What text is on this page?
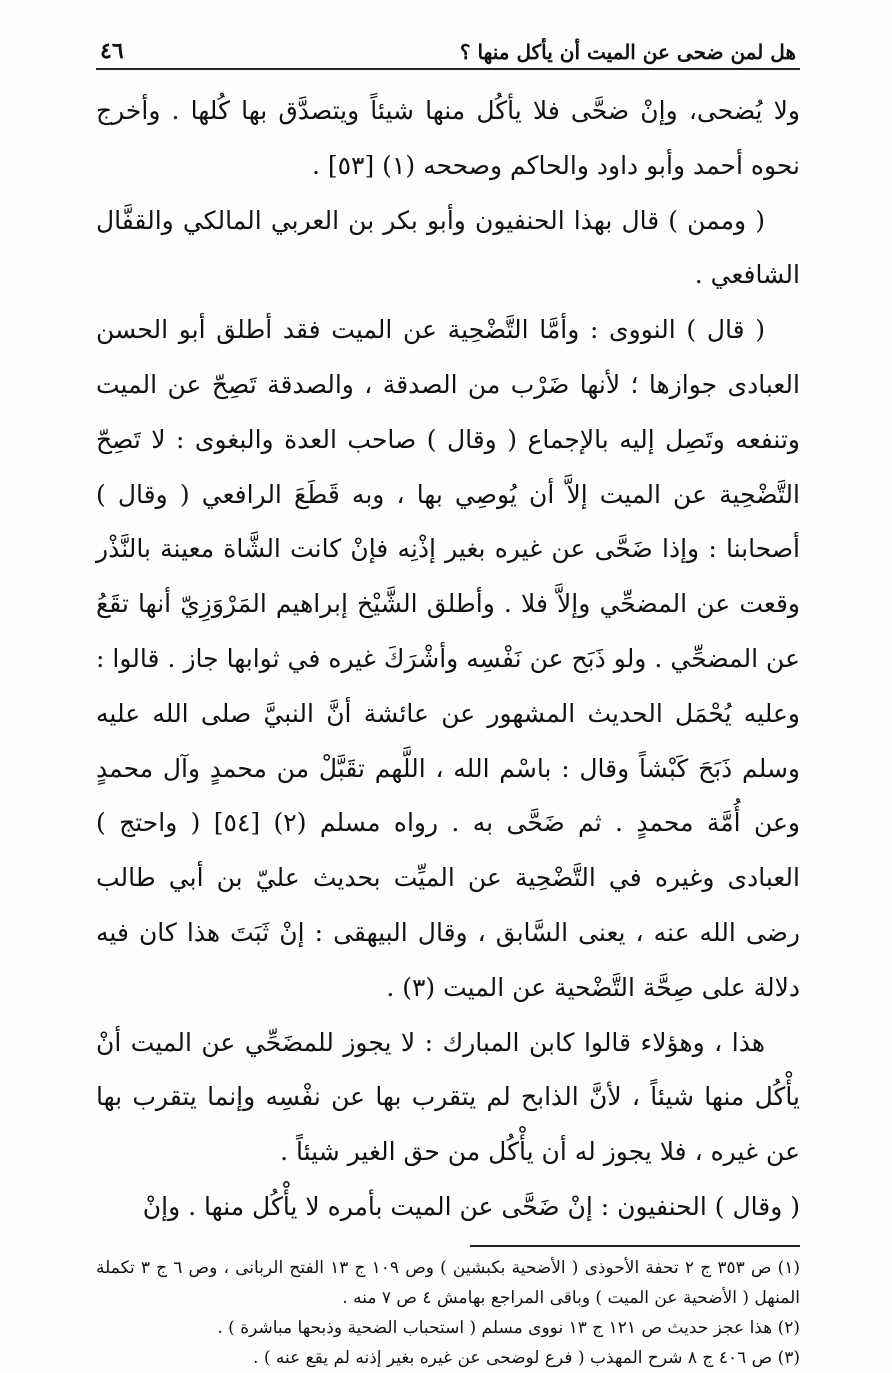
هل لمن ضحى عن الميت أن يأكل منها ؟
٤٦

ولا يُضحى، وإنْ ضحَّى فلا يأكُل منها شيئاً ويتصدَّق بها كُلها . وأخرج نحوه أحمد وأبو داود والحاكم وصححه (١) [٥٣] .

( وممن ) قال بهذا الحنفيون وأبو بكر بن العربي المالكي والقفَّال الشافعي .

( قال ) النووى : وأمَّا التَّضْحِية عن الميت فقد أطلق أبو الحسن العبادى جوازها ؛ لأنها ضَرْب من الصدقة ، والصدقة تَصِحّ عن الميت وتنفعه وتَصِل إليه بالإجماع ( وقال ) صاحب العدة والبغوى : لا تَصِحّ التَّضْحِية عن الميت إلاَّ أن يُوصِي بها ، وبه قَطَعَ الرافعي ( وقال ) أصحابنا : وإذا ضَحَّى عن غيره بغير إذْنِه فإنْ كانت الشَّاة معينة بالنَّذْر وقعت عن المضحِّي وإلاَّ فلا . وأطلق الشَّيْخ إبراهيم المَرْوَزِيّ أنها تقَعُ عن المضحِّي . ولو ذَبَح عن نَفْسِه وأشْرَكَ غيره في ثوابها جاز . قالوا : وعليه يُحْمَل الحديث المشهور عن عائشة أنَّ النبيَّ صلى الله عليه وسلم ذَبَحَ كَبْشاً وقال : باسْم الله ، اللَّهم تقَبَّلْ من محمدٍ وآل محمدٍ وعن أُمَّة محمدٍ . ثم ضَحَّى به . رواه مسلم (٢) [٥٤] ( واحتج ) العبادى وغيره في التَّضْحِية عن الميِّت بحديث عليّ بن أبي طالب رضى الله عنه ، يعنى السَّابق ، وقال البيهقى : إنْ ثَبَتَ هذا كان فيه دلالة على صِحَّة التَّضْحية عن الميت (٣) .

هذا ، وهؤلاء قالوا كابن المبارك : لا يجوز للمضَحِّي عن الميت أنْ يأْكُل منها شيئاً ، لأنَّ الذابح لم يتقرب بها عن نفْسِه وإنما يتقرب بها عن غيره ، فلا يجوز له أن يأْكُل من حق الغير شيئاً .

( وقال ) الحنفيون : إنْ ضَحَّى عن الميت بأمره لا يأْكُل منها . وإنْ

(١) ص ٣٥٣ ج ٢ تحفة الأحوذى ( الأضحية بكبشين ) وص ١٠٩ ج ١٣ الفتح الربانى ، وص ٦ ج ٣ تكملة المنهل ( الأضحية عن الميت ) وباقى المراجع بهامش ٤ ص ٧ منه .

(٢) هذا عجز حديث ص ١٢١ ج ١٣ نووى مسلم ( استحباب الضحية وذبحها مباشرة ) .

(٣) ص ٤٠٦ ج ٨ شرح المهذب ( فرع لوضحى عن غيره بغير إذنه لم يقع عنه ) .
